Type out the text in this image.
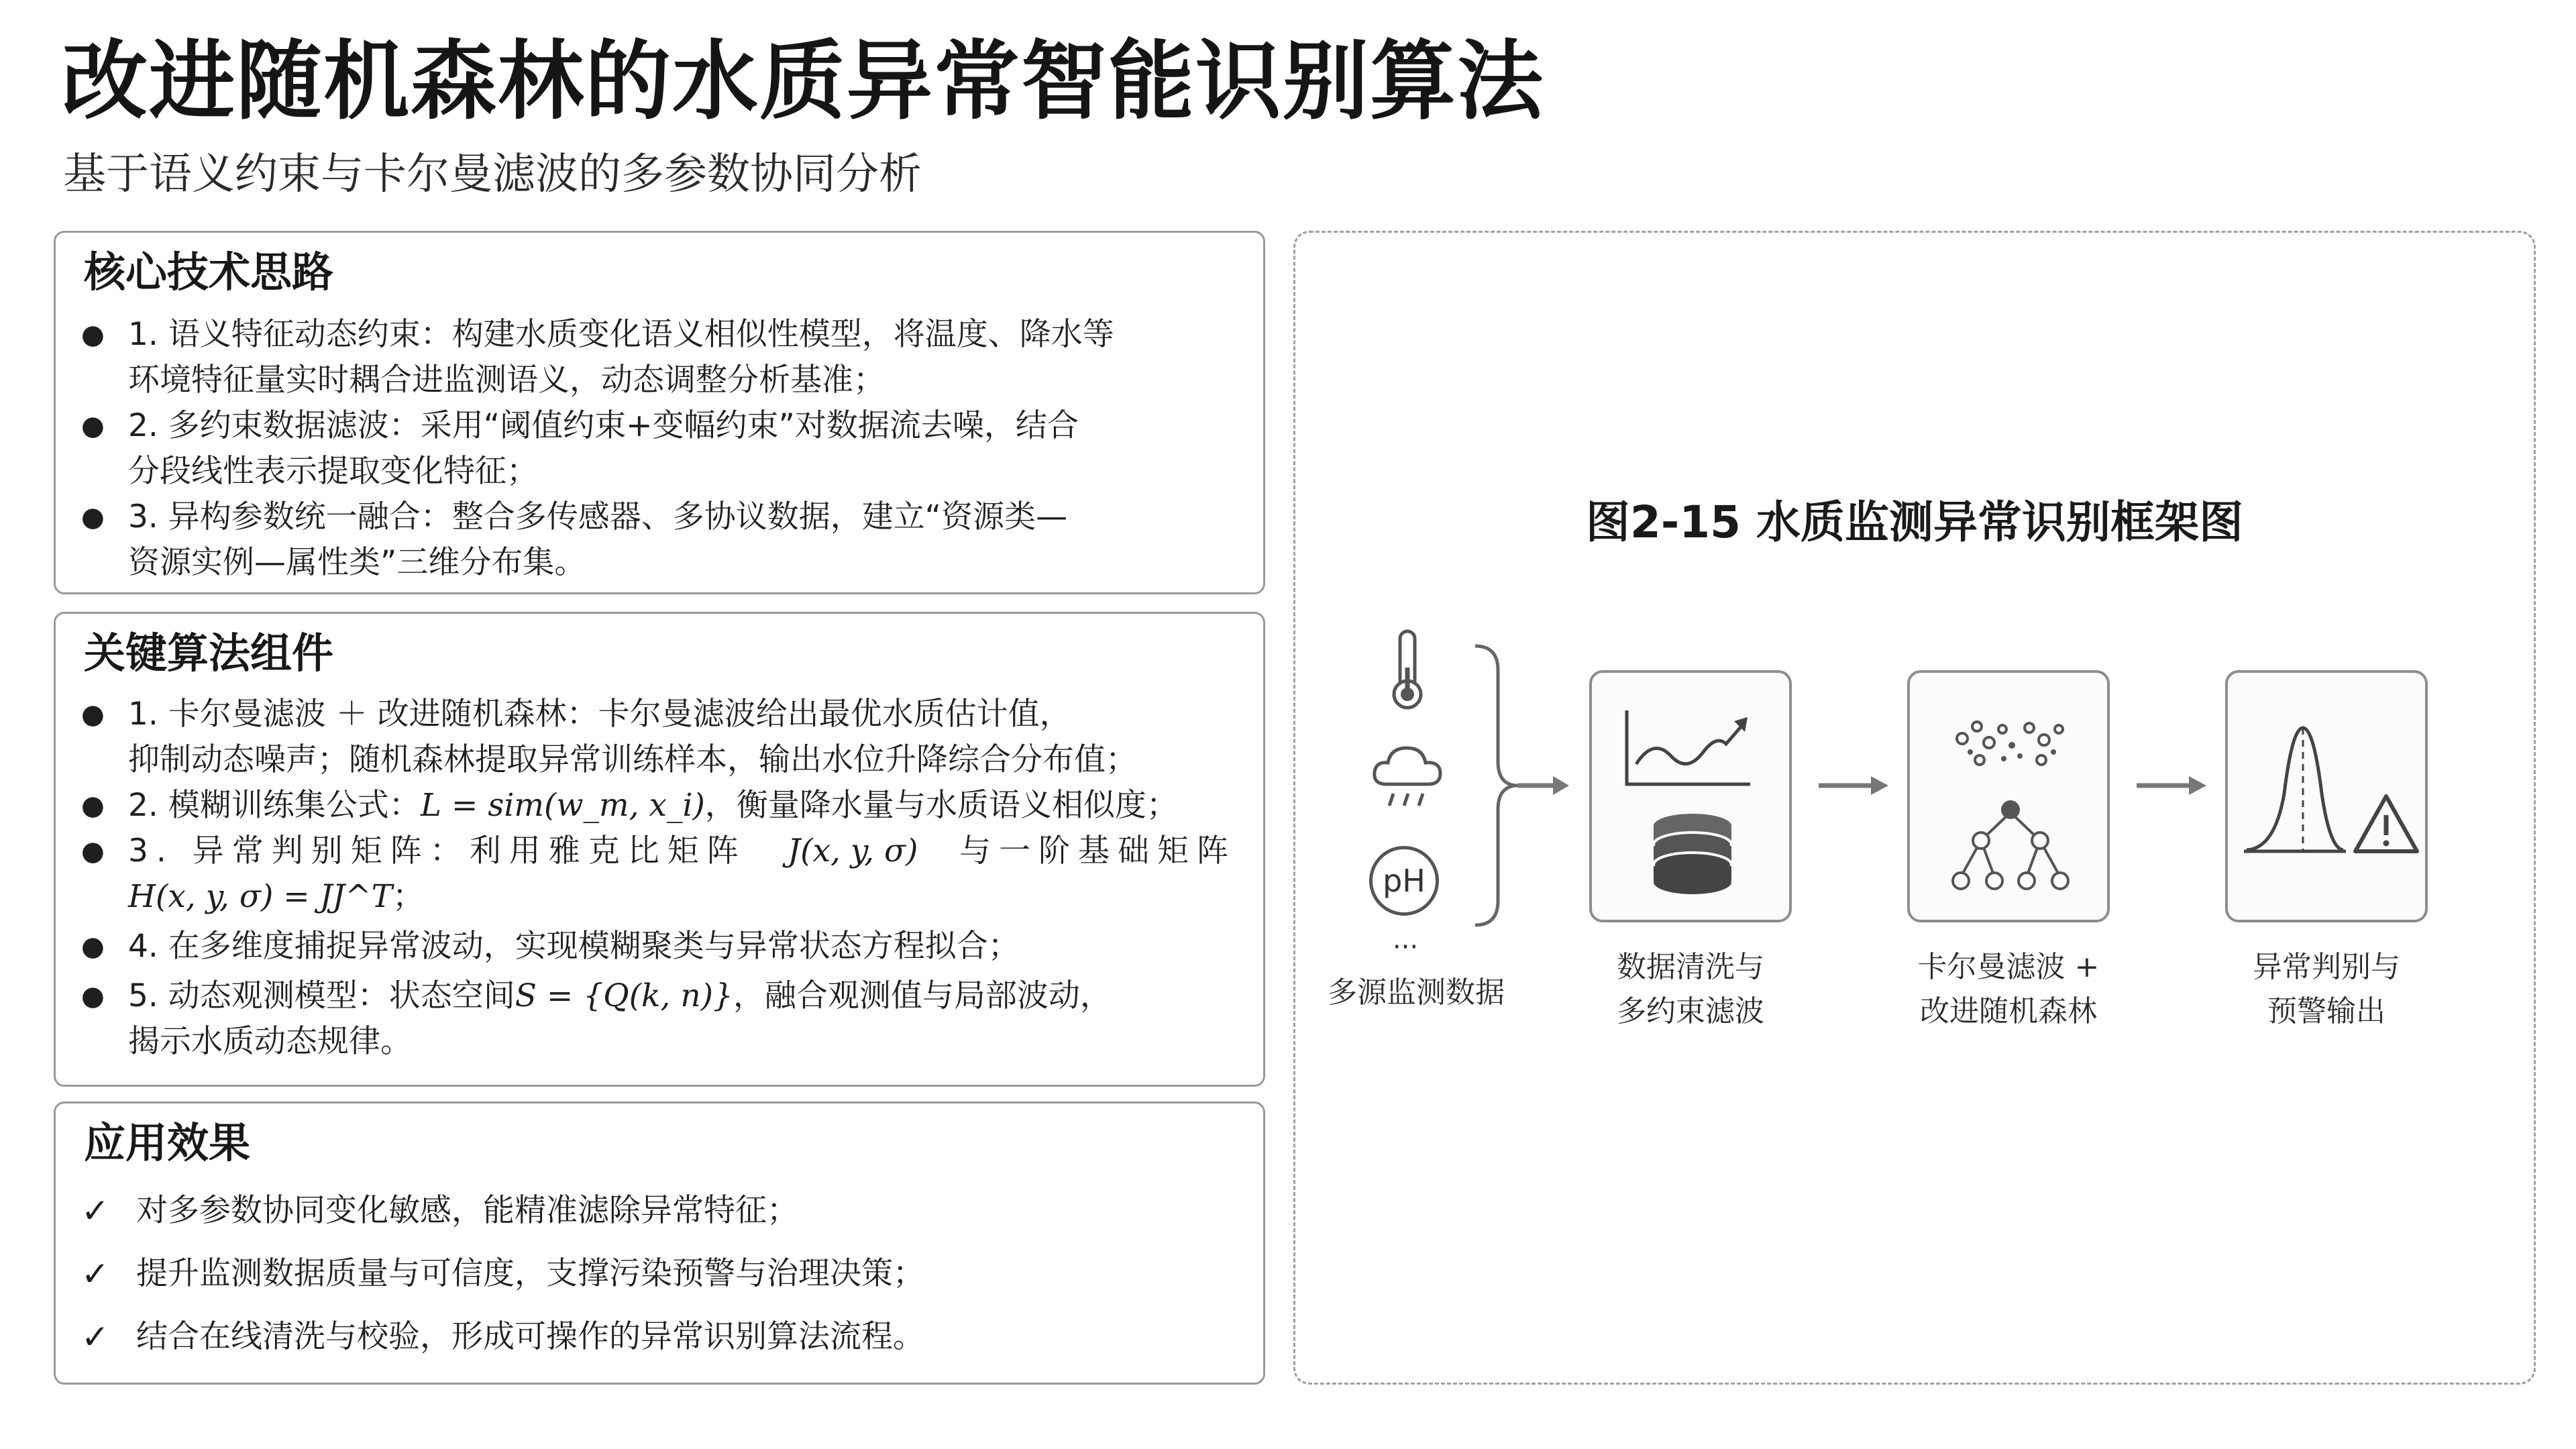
改进随机森林的水质异常智能识别算法
基于语义约束与卡尔曼滤波的多参数协同分析
核心技术思路
● 1. 语义特征动态约束：构建水质变化语义相似性模型，将温度、降水等
环境特征量实时耦合进监测语义，动态调整分析基准；
● 2. 多约束数据滤波：采用“阈值约束+变幅约束”对数据流去噪，结合
分段线性表示提取变化特征；
● 3. 异构参数统一融合：整合多传感器、多协议数据，建立“资源类—
资源实例—属性类”三维分布集。
关键算法组件
● 1. 卡尔曼滤波 ＋ 改进随机森林：卡尔曼滤波给出最优水质估计值，
抑制动态噪声；随机森林提取异常训练样本，输出水位升降综合分布值；
● 2. 模糊训练集公式：L = sim(w_m, x_i)，衡量降水量与水质语义相似度；
● 3. 异常判别矩阵：利用雅克比矩阵 J(x, y, σ) 与一阶基础矩阵
H(x, y, σ) = JJ^T；
● 4. 在多维度捕捉异常波动，实现模糊聚类与异常状态方程拟合；
● 5. 动态观测模型：状态空间S = {Q(k, n)}，融合观测值与局部波动，
揭示水质动态规律。
应用效果
✓ 对多参数协同变化敏感，能精准滤除异常特征；
✓ 提升监测数据质量与可信度，支撑污染预警与治理决策；
✓ 结合在线清洗与校验，形成可操作的异常识别算法流程。
图2-15 水质监测异常识别框架图
pH
···
多源监测数据
数据清洗与
多约束滤波
卡尔曼滤波 +
改进随机森林
异常判别与
预警输出
